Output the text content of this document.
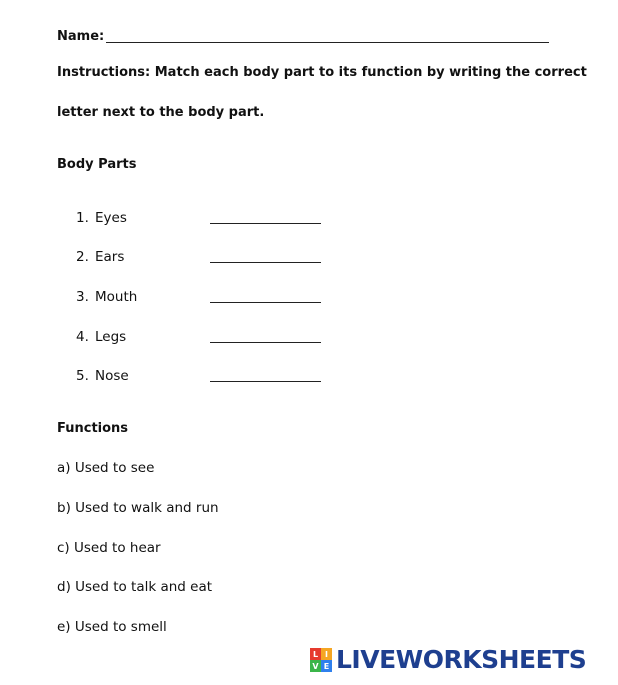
Name:
Instructions: Match each body part to its function by writing the correct
letter next to the body part.
Body Parts
1. Eyes
2. Ears
3. Mouth
4. Legs
5. Nose
Functions
a) Used to see
b) Used to walk and run
c) Used to hear
d) Used to talk and eat
e) Used to smell
L I
V E LIVEWORKSHEETS
